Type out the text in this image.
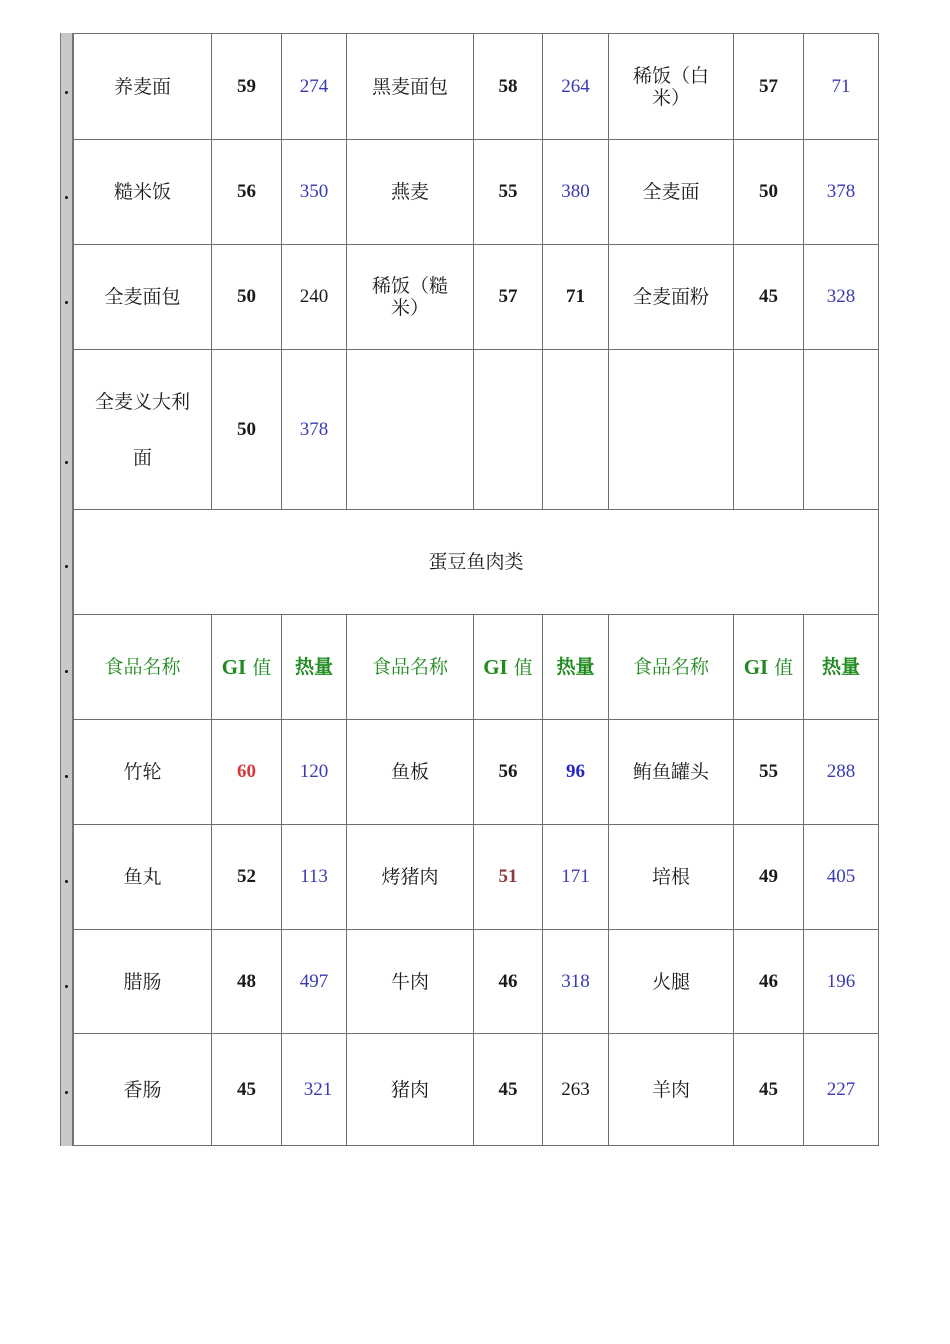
养麦面	59	274	黑麦面包	58	264	稀饭（白米）	57	71
糙米饭	56	350	燕麦	55	380	全麦面	50	378
全麦面包	50	240	稀饭（糙米）	57	71	全麦面粉	45	328
全麦义大利面	50	378						
蛋豆鱼肉类								
食品名称	GI 值	热量	食品名称	GI 值	热量	食品名称	GI 值	热量
竹轮	60	120	鱼板	56	96	鲔鱼罐头	55	288
鱼丸	52	113	烤猪肉	51	171	培根	49	405
腊肠	48	497	牛肉	46	318	火腿	46	196
香肠	45	321	猪肉	45	263	羊肉	45	227
